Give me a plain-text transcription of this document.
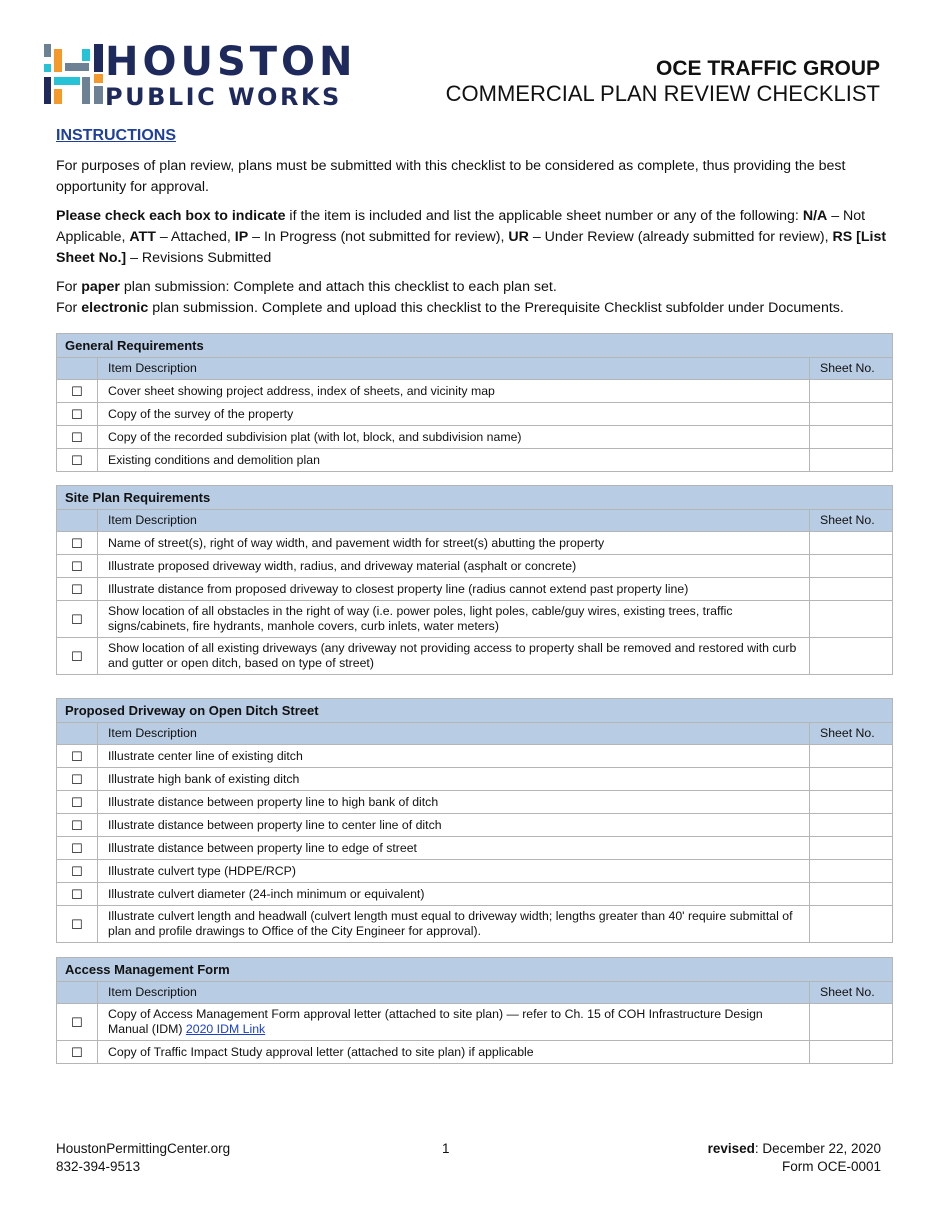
HOUSTON
PUBLIC WORKS
OCE TRAFFIC GROUP
COMMERCIAL PLAN REVIEW CHECKLIST
INSTRUCTIONS
For purposes of plan review, plans must be submitted with this checklist to be considered as complete, thus providing the best opportunity for approval.
Please check each box to indicate if the item is included and list the applicable sheet number or any of the following: N/A – Not Applicable, ATT – Attached, IP – In Progress (not submitted for review), UR – Under Review (already submitted for review), RS [List Sheet No.] – Revisions Submitted
For paper plan submission: Complete and attach this checklist to each plan set.
For electronic plan submission. Complete and upload this checklist to the Prerequisite Checklist subfolder under Documents.
General Requirements		
	Item Description	Sheet No.
☐	Cover sheet showing project address, index of sheets, and vicinity map	
☐	Copy of the survey of the property	
☐	Copy of the recorded subdivision plat (with lot, block, and subdivision name)	
☐	Existing conditions and demolition plan	
Site Plan Requirements		
	Item Description	Sheet No.
☐	Name of street(s), right of way width, and pavement width for street(s) abutting the property	
☐	Illustrate proposed driveway width, radius, and driveway material (asphalt or concrete)	
☐	Illustrate distance from proposed driveway to closest property line (radius cannot extend past property line)	
☐	Show location of all obstacles in the right of way (i.e. power poles, light poles, cable/guy wires, existing trees, traffic signs/cabinets, fire hydrants, manhole covers, curb inlets, water meters)	
☐	Show location of all existing driveways (any driveway not providing access to property shall be removed and restored with curb and gutter or open ditch, based on type of street)	
Proposed Driveway on Open Ditch Street		
	Item Description	Sheet No.
☐	Illustrate center line of existing ditch	
☐	Illustrate high bank of existing ditch	
☐	Illustrate distance between property line to high bank of ditch	
☐	Illustrate distance between property line to center line of ditch	
☐	Illustrate distance between property line to edge of street	
☐	Illustrate culvert type (HDPE/RCP)	
☐	Illustrate culvert diameter (24-inch minimum or equivalent)	
☐	Illustrate culvert length and headwall (culvert length must equal to driveway width; lengths greater than 40' require submittal of plan and profile drawings to Office of the City Engineer for approval).	
Access Management Form		
	Item Description	Sheet No.
☐	Copy of Access Management Form approval letter (attached to site plan) — refer to Ch. 15 of COH Infrastructure Design Manual (IDM) 2020 IDM Link	
☐	Copy of Traffic Impact Study approval letter (attached to site plan) if applicable	
HoustonPermittingCenter.org
832-394-9513
1	revised: December 22, 2020
Form OCE-0001
